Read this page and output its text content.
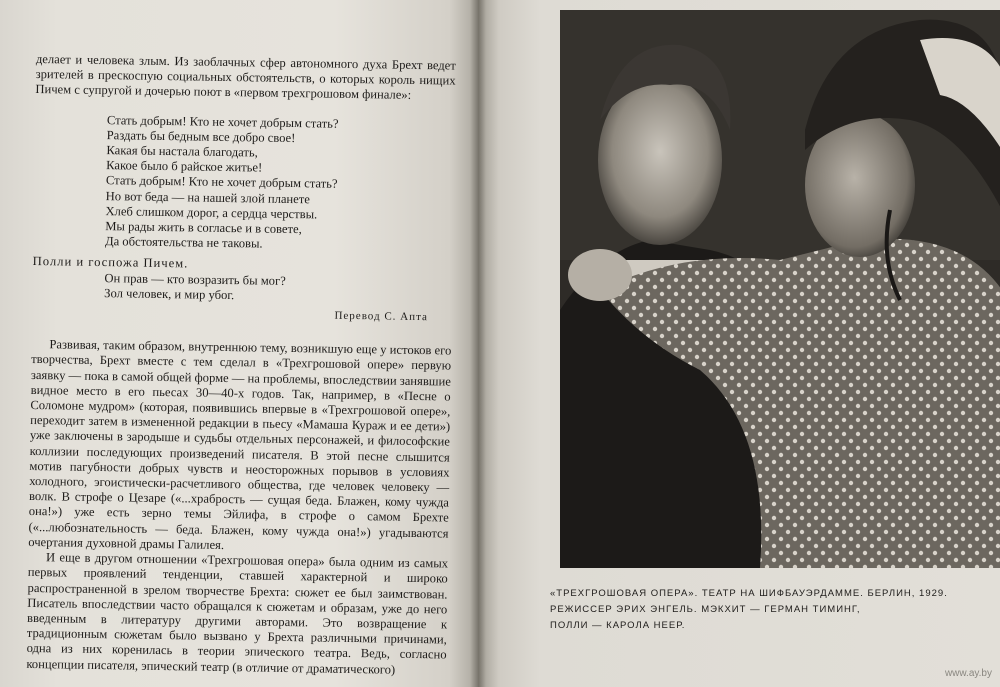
делает и человека злым. Из заоблачных сфер автономного духа Брехт ведет зрителей в прескоспую социальных обстоятельств, о которых король нищих Пичем с супругой и дочерью поют в «первом трехгрошовом финале»:

Стать добрым! Кто не хочет добрым стать?
Раздать бы бедным все добро свое!
Какая бы настала благодать,
Какое было б райское житье!
Стать добрым! Кто не хочет добрым стать?
Но вот беда — на нашей злой планете
Хлеб слишком дорог, а сердца черствы.
Мы рады жить в согласье и в совете,
Да обстоятельства не таковы.
Полли и госпожа Пичем.
Он прав — кто возразить бы мог?
Зол человек, и мир убог.
Перевод С. Апта

Развивая, таким образом, внутреннюю тему, возникшую еще у истоков его творчества, Брехт вместе с тем сделал в «Трехгрошовой опере» первую заявку — пока в самой общей форме — на проблемы, впоследствии занявшие видное место в его пьесах 30—40-х годов. Так, например, в «Песне о Соломоне мудром» (которая, появившись впервые в «Трехгрошовой опере», переходит затем в измененной редакции в пьесу «Мамаша Кураж и ее дети») уже заключены в зародыше и судьбы отдельных персонажей, и философские коллизии последующих произведений писателя. В этой песне слышится мотив пагубности добрых чувств и неосторожных порывов в условиях холодного, эгоистически-расчетливого общества, где человек человеку — волк. В строфе о Цезаре («...храбрость — сущая беда. Блажен, кому чужда она!») уже есть зерно темы Эйлифа, в строфе о самом Брехте («...любознательность — беда. Блажен, кому чужда она!») угадываются очертания духовной драмы Галилея.

И еще в другом отношении «Трехгрошовая опера» была одним из самых первых проявлений тенденции, ставшей характерной и широко распространенной в зрелом творчестве Брехта: сюжет ее был заимствован. Писатель впоследствии часто обращался к сюжетам и образам, уже до него введенным в литературу другими авторами. Это возвращение к традиционным сюжетам было вызвано у Брехта различными причинами, одна из них коренилась в теории эпического театра. Ведь, согласно концепции писателя, эпический театр (в отличие от драматического)

«ТРЕХГРОШОВАЯ ОПЕРА». ТЕАТР НА ШИФБАУЭРДАММЕ. БЕРЛИН, 1929.
РЕЖИССЕР ЭРИХ ЭНГЕЛЬ. МЭКХИТ — ГЕРМАН ТИМИНГ,
ПОЛЛИ — КАРОЛА НЕЕР.
www.ay.by
